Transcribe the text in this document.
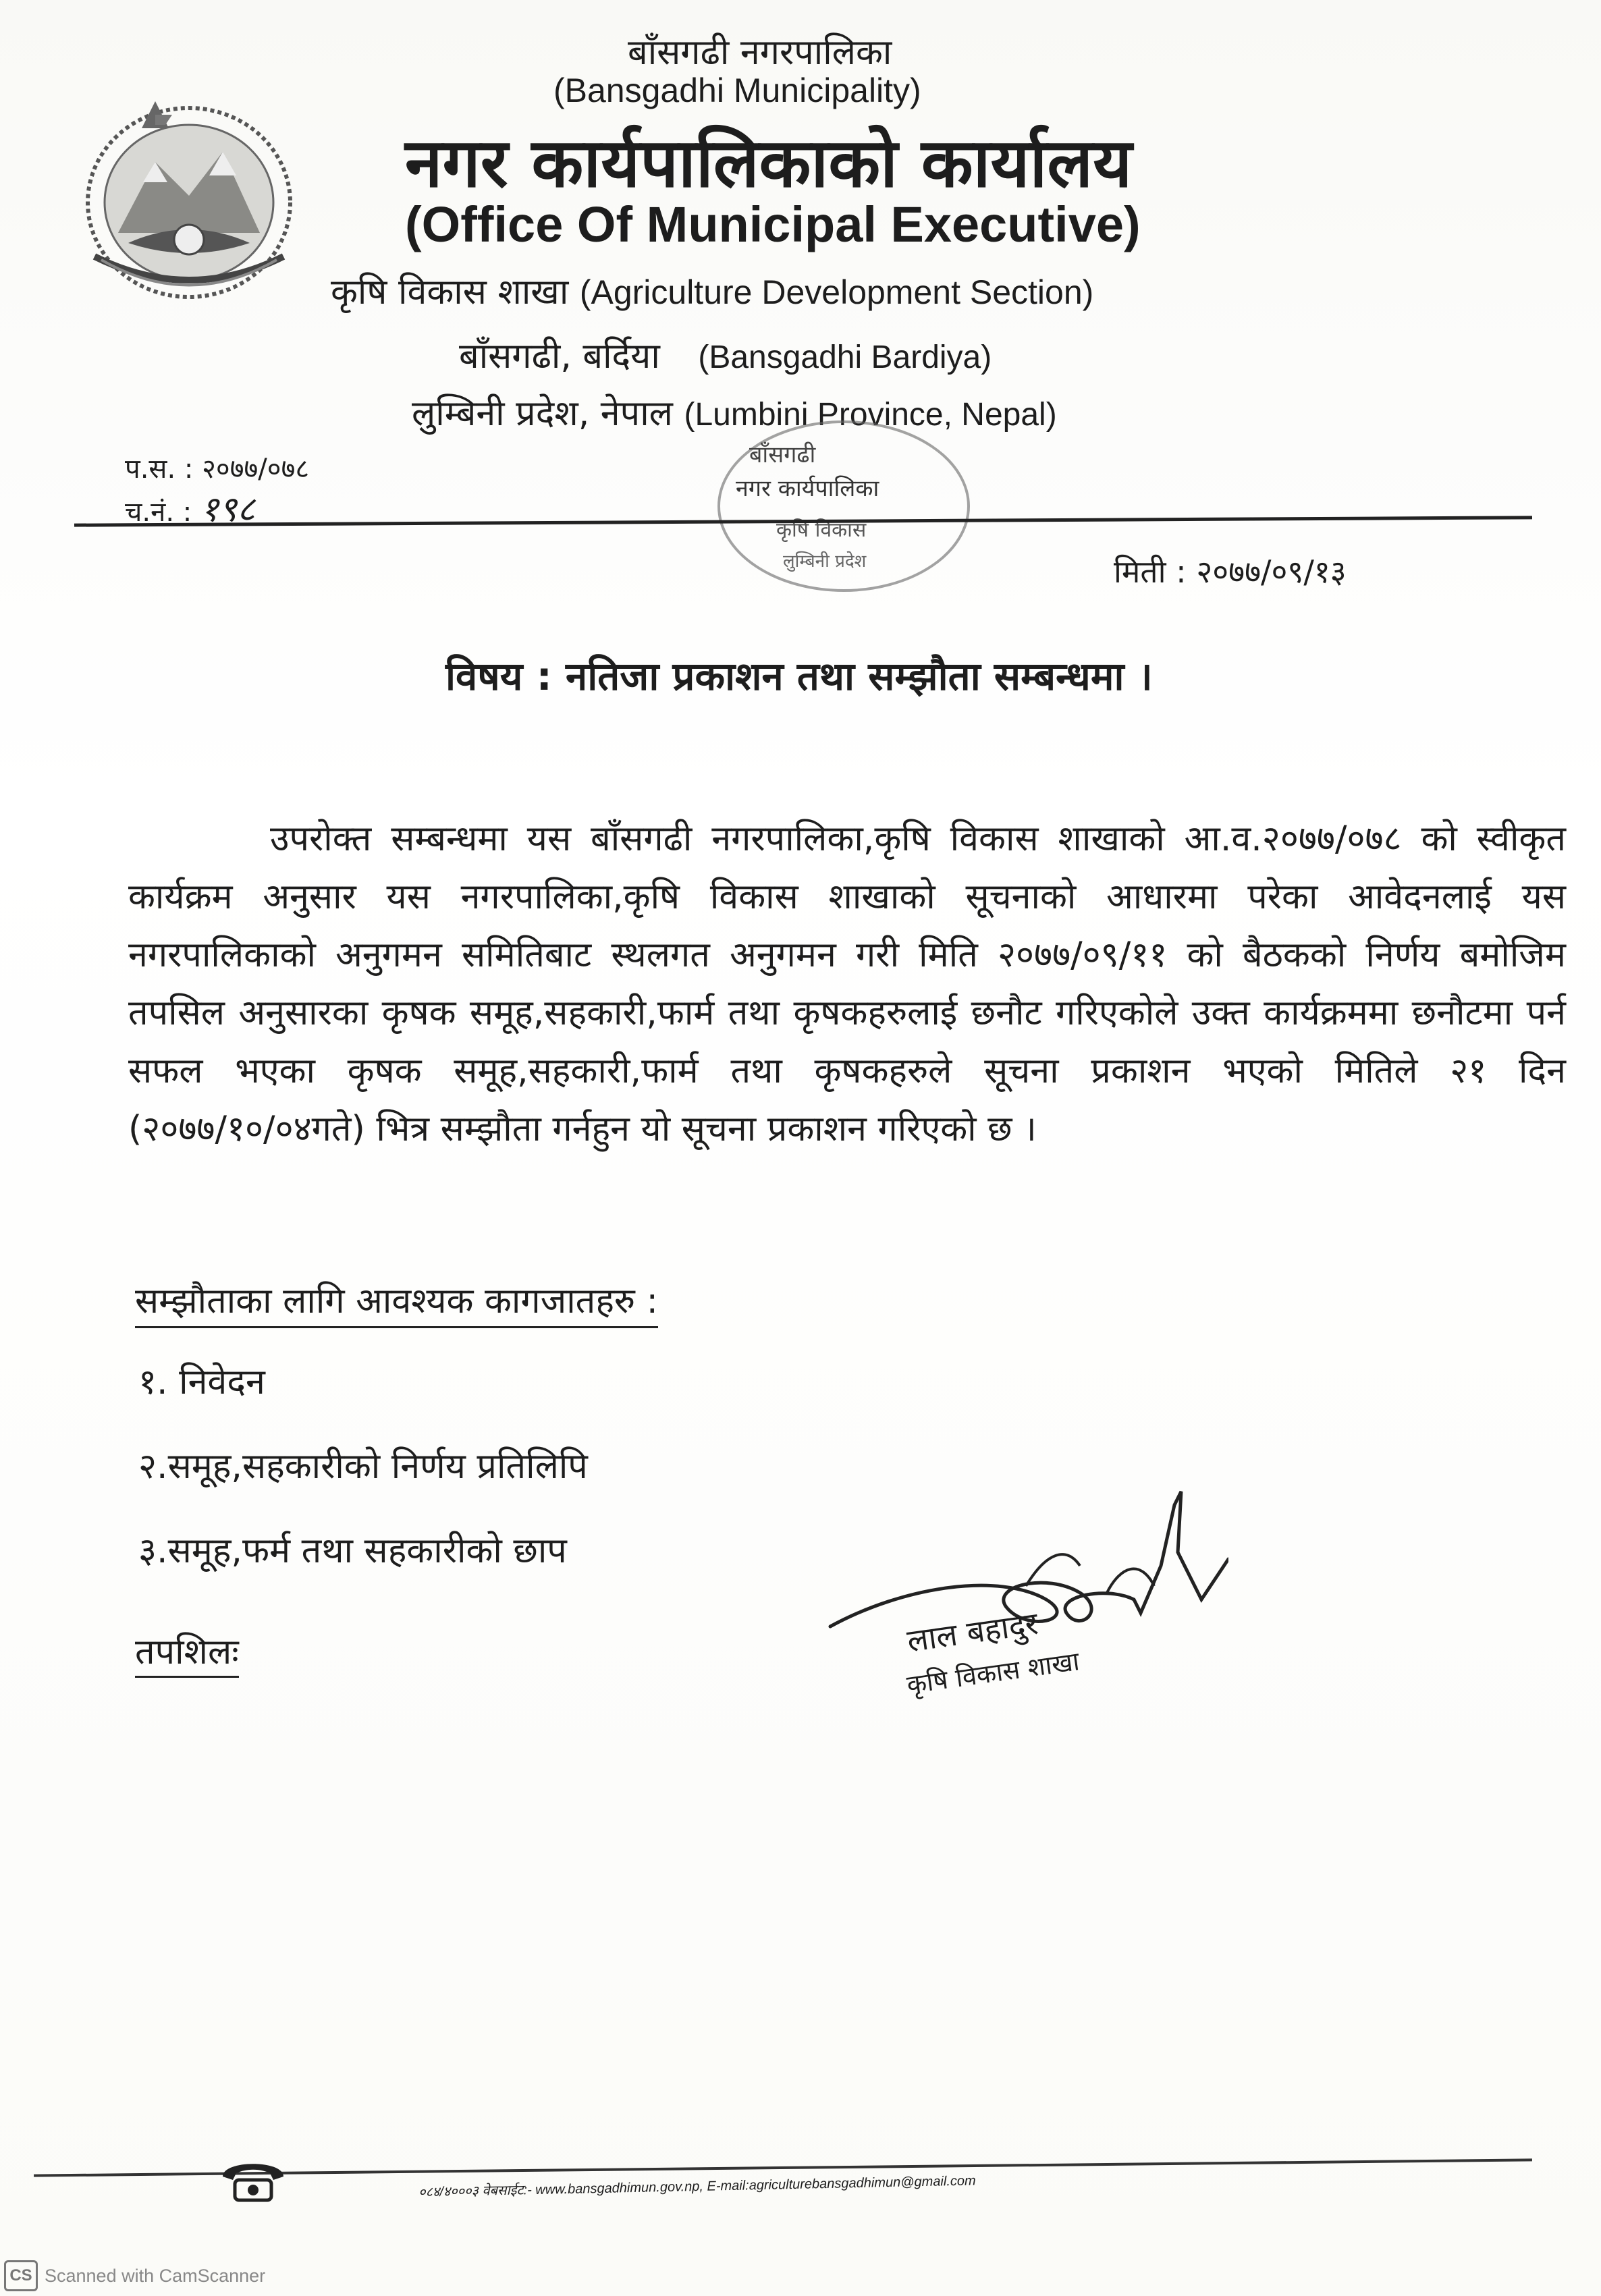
बाँसगढी नगरपालिका
(Bansgadhi Municipality)
नगर कार्यपालिकाको कार्यालय
(Office Of Municipal Executive)
कृषि विकास शाखा (Agriculture Development Section)
बाँसगढी, बर्दिया (Bansgadhi Bardiya)
लुम्बिनी प्रदेश, नेपाल (Lumbini Province, Nepal)
प.स. : २०७७/०७८
च.नं. : १९८
बाँसगढी
नगर कार्यपालिका
कृषि विकास
लुम्बिनी प्रदेश	मिती : २०७७/०९/१३
विषय : नतिजा प्रकाशन तथा सम्झौता सम्बन्धमा ।
उपरोक्त सम्बन्धमा यस बाँसगढी नगरपालिका,कृषि विकास शाखाको आ.व.२०७७/०७८ को स्वीकृत कार्यक्रम अनुसार यस नगरपालिका,कृषि विकास शाखाको सूचनाको आधारमा परेका आवेदनलाई यस नगरपालिकाको अनुगमन समितिबाट स्थलगत अनुगमन गरी मिति २०७७/०९/११ को बैठकको निर्णय बमोजिम तपसिल अनुसारका कृषक समूह,सहकारी,फार्म तथा कृषकहरुलाई छनौट गरिएकोले उक्त कार्यक्रममा छनौटमा पर्न सफल भएका कृषक समूह,सहकारी,फार्म तथा कृषकहरुले सूचना प्रकाशन भएको मितिले २१ दिन (२०७७/१०/०४गते) भित्र सम्झौता गर्नहुन यो सूचना प्रकाशन गरिएको छ ।
सम्झौताका लागि आवश्यक कागजातहरु :
१. निवेदन
२.समूह,सहकारीको निर्णय प्रतिलिपि
३.समूह,फर्म तथा सहकारीको छाप
तपशिलः	लाल बहादुर
कृषि विकास शाखा
०८४/४०००३ वेबसाईट:- www.bansgadhimun.gov.np, E-mail:agriculturebansgadhimun@gmail.com
CS Scanned with CamScanner
